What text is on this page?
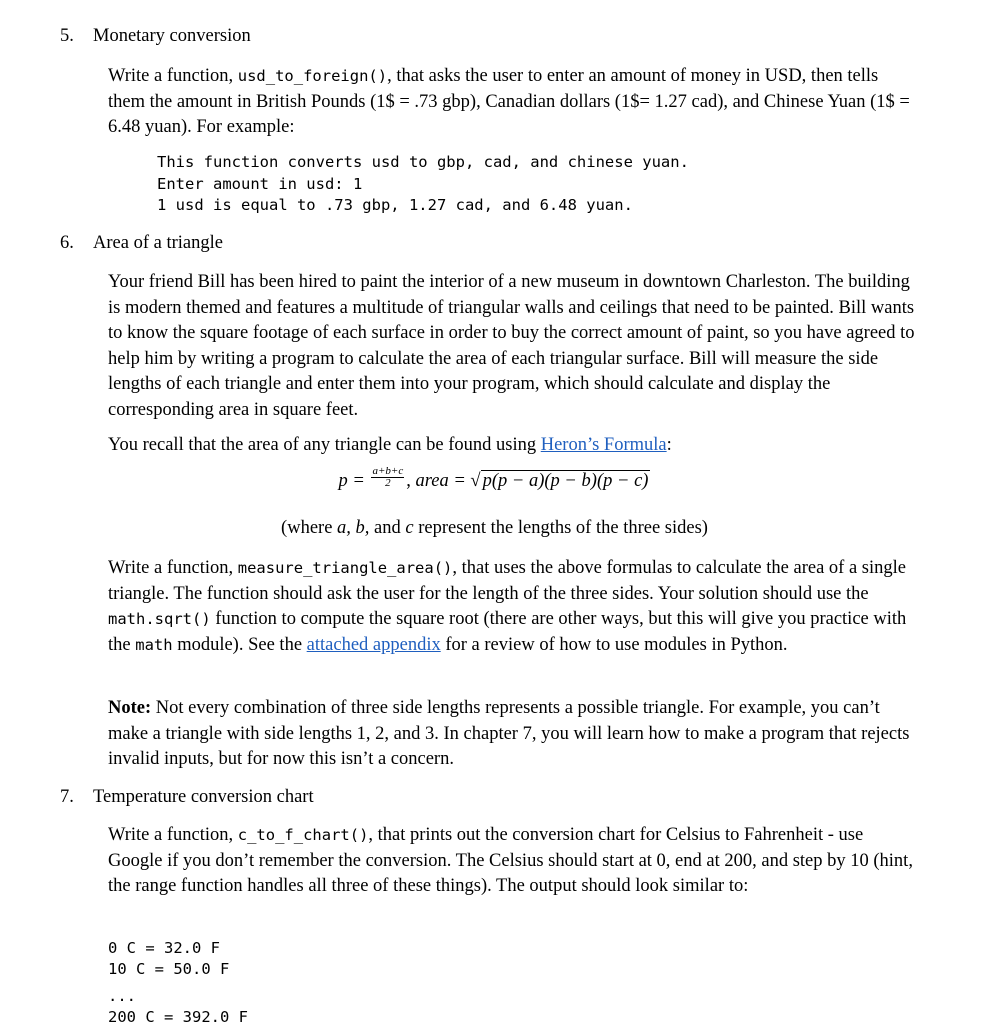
5. Monetary conversion
Write a function, usd_to_foreign(), that asks the user to enter an amount of money in USD, then tells them the amount in British Pounds (1$ = .73 gbp), Canadian dollars (1$= 1.27 cad), and Chinese Yuan (1$ = 6.48 yuan). For example:
This function converts usd to gbp, cad, and chinese yuan.
Enter amount in usd: 1
1 usd is equal to .73 gbp, 1.27 cad, and 6.48 yuan.
6. Area of a triangle
Your friend Bill has been hired to paint the interior of a new museum in downtown Charleston. The building is modern themed and features a multitude of triangular walls and ceilings that need to be painted. Bill wants to know the square footage of each surface in order to buy the correct amount of paint, so you have agreed to help him by writing a program to calculate the area of each triangular surface. Bill will measure the side lengths of each triangle and enter them into your program, which should calculate and display the corresponding area in square feet.
You recall that the area of any triangle can be found using Heron’s Formula:
$p = \frac{a+b+c}{2}$ , area = √ p(p − a)(p − b)(p − c)
(where a, b, and c represent the lengths of the three sides)
Write a function, measure_triangle_area(), that uses the above formulas to calculate the area of a single triangle. The function should ask the user for the length of the three sides. Your solution should use the math.sqrt() function to compute the square root (there are other ways, but this will give you practice with the math module). See the attached appendix for a review of how to use modules in Python.
Note: Not every combination of three side lengths represents a possible triangle. For example, you can’t make a triangle with side lengths 1, 2, and 3. In chapter 7, you will learn how to make a program that rejects invalid inputs, but for now this isn’t a concern.
7. Temperature conversion chart
Write a function, c_to_f_chart(), that prints out the conversion chart for Celsius to Fahrenheit - use Google if you don’t remember the conversion. The Celsius should start at 0, end at 200, and step by 10 (hint, the range function handles all three of these things). The output should look similar to:
0 C = 32.0 F
10 C = 50.0 F
...
200 C = 392.0 F
